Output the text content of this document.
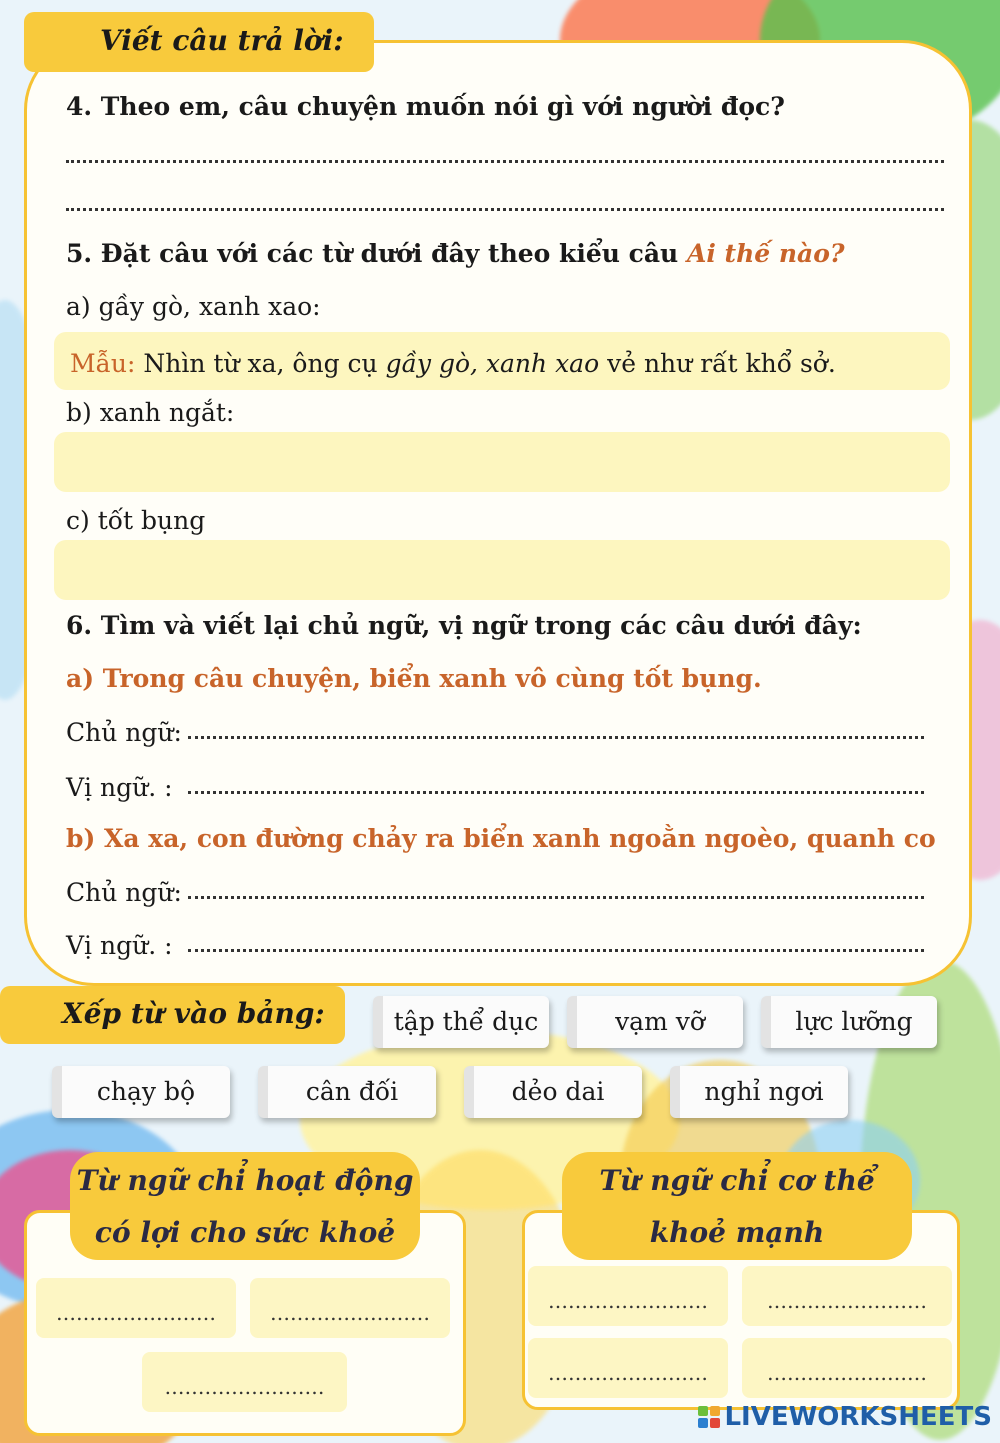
Viết câu trả lời:
4. Theo em, câu chuyện muốn nói gì với người đọc?
5. Đặt câu với các từ dưới đây theo kiểu câu Ai thế nào?
a) gầy gò, xanh xao:
Mẫu: Nhìn từ xa, ông cụ gầy gò, xanh xao vẻ như rất khổ sở.
b) xanh ngắt:
c) tốt bụng
6. Tìm và viết lại chủ ngữ, vị ngữ trong các câu dưới đây:
a) Trong câu chuyện, biển xanh vô cùng tốt bụng.
Chủ ngữ:
Vị ngữ. :
b) Xa xa, con đường chảy ra biển xanh ngoằn ngoèo, quanh co
Chủ ngữ:
Vị ngữ. :
Xếp từ vào bảng:	tập thể dục	vạm vỡ	lực lưỡng
chạy bộ	cân đối	dẻo dai	nghỉ ngơi
Từ ngữ chỉ hoạt động
có lợi cho sức khoẻ
……………………	……………………
……………………
Từ ngữ chỉ cơ thể
khoẻ mạnh
……………………	……………………
……………………	……………………
LIVEWORKSHEETS
